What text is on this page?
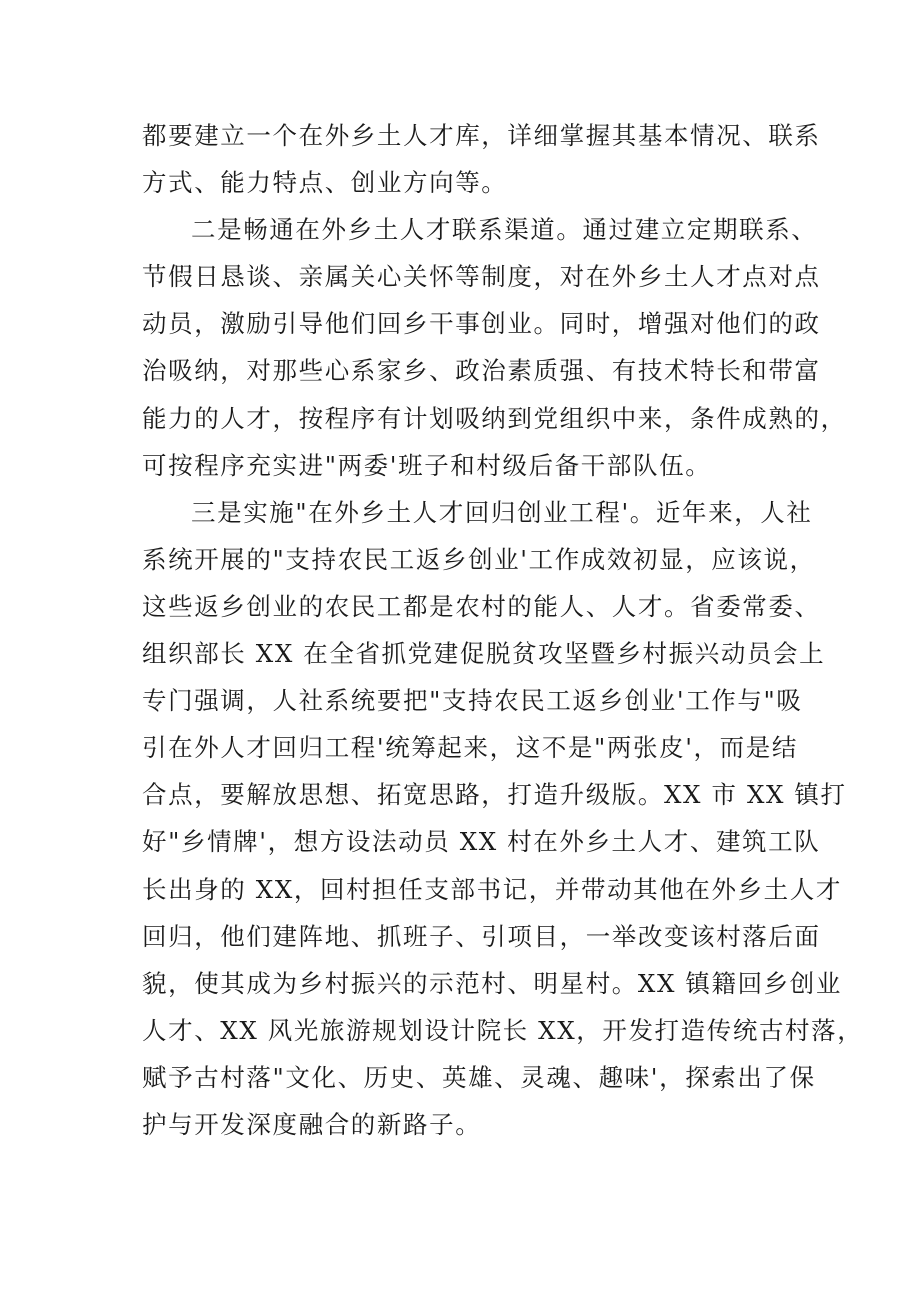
都要建立一个在外乡土人才库，详细掌握其基本情况、联系
方式、能力特点、创业方向等。
二是畅通在外乡土人才联系渠道。通过建立定期联系、
节假日恳谈、亲属关心关怀等制度，对在外乡土人才点对点
动员，激励引导他们回乡干事创业。同时，增强对他们的政
治吸纳，对那些心系家乡、政治素质强、有技术特长和带富
能力的人才，按程序有计划吸纳到党组织中来，条件成熟的，
可按程序充实进"两委'班子和村级后备干部队伍。
三是实施"在外乡土人才回归创业工程'。近年来，人社
系统开展的"支持农民工返乡创业'工作成效初显，应该说，
这些返乡创业的农民工都是农村的能人、人才。省委常委、
组织部长 XX 在全省抓党建促脱贫攻坚暨乡村振兴动员会上
专门强调，人社系统要把"支持农民工返乡创业'工作与"吸
引在外人才回归工程'统筹起来，这不是"两张皮'，而是结
合点，要解放思想、拓宽思路，打造升级版。XX 市 XX 镇打
好"乡情牌'，想方设法动员 XX 村在外乡土人才、建筑工队
长出身的 XX，回村担任支部书记，并带动其他在外乡土人才
回归，他们建阵地、抓班子、引项目，一举改变该村落后面
貌，使其成为乡村振兴的示范村、明星村。XX 镇籍回乡创业
人才、XX 风光旅游规划设计院长 XX，开发打造传统古村落，
赋予古村落"文化、历史、英雄、灵魂、趣味'，探索出了保
护与开发深度融合的新路子。
